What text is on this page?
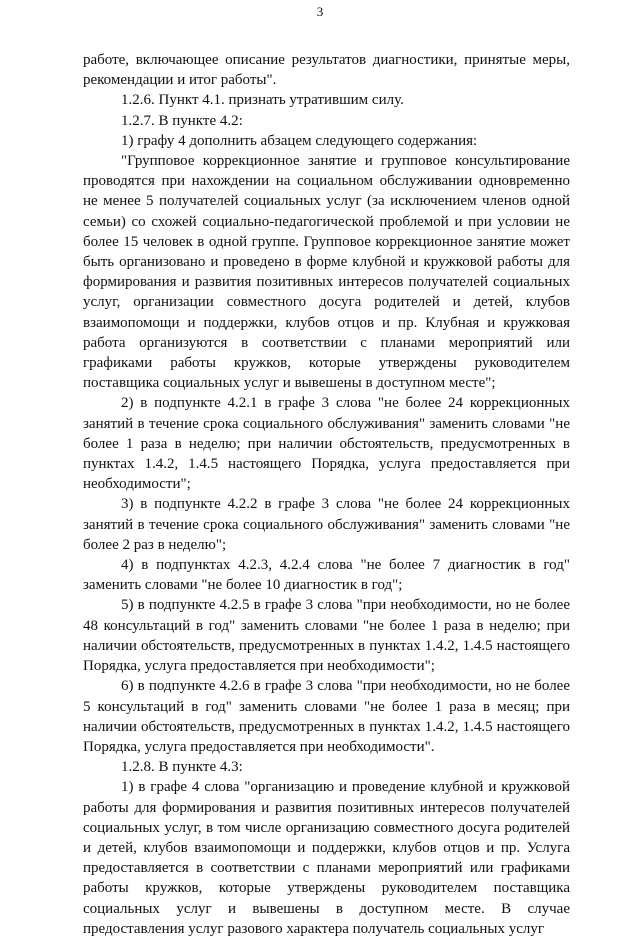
3

работе, включающее описание результатов диагностики, принятые меры, рекомендации и итог работы".

1.2.6. Пункт 4.1. признать утратившим силу.

1.2.7. В пункте 4.2:

1) графу 4 дополнить абзацем следующего содержания:

"Групповое коррекционное занятие и групповое консультирование проводятся при нахождении на социальном обслуживании одновременно не менее 5 получателей социальных услуг (за исключением членов одной семьи) со схожей социально-педагогической проблемой и при условии не более 15 человек в одной группе. Групповое коррекционное занятие может быть организовано и проведено в форме клубной и кружковой работы для формирования и развития позитивных интересов получателей социальных услуг, организации совместного досуга родителей и детей, клубов взаимопомощи и поддержки, клубов отцов и пр. Клубная и кружковая работа организуются в соответствии с планами мероприятий или графиками работы кружков, которые утверждены руководителем поставщика социальных услуг и вывешены в доступном месте";

2) в подпункте 4.2.1 в графе 3 слова "не более 24 коррекционных занятий в течение срока социального обслуживания" заменить словами "не более 1 раза в неделю; при наличии обстоятельств, предусмотренных в пунктах 1.4.2, 1.4.5 настоящего Порядка, услуга предоставляется при необходимости";

3) в подпункте 4.2.2 в графе 3 слова "не более 24 коррекционных занятий в течение срока социального обслуживания" заменить словами "не более 2 раз в неделю";

4) в подпунктах 4.2.3, 4.2.4 слова "не более 7 диагностик в год" заменить словами "не более 10 диагностик в год";

5) в подпункте 4.2.5 в графе 3 слова "при необходимости, но не более 48 консультаций в год" заменить словами "не более 1 раза в неделю; при наличии обстоятельств, предусмотренных в пунктах 1.4.2, 1.4.5 настоящего Порядка, услуга предоставляется при необходимости";

6) в подпункте 4.2.6 в графе 3 слова "при необходимости, но не более 5 консультаций в год" заменить словами "не более 1 раза в месяц; при наличии обстоятельств, предусмотренных в пунктах 1.4.2, 1.4.5 настоящего Порядка, услуга предоставляется при необходимости".

1.2.8. В пункте 4.3:

1) в графе 4 слова "организацию и проведение клубной и кружковой работы для формирования и развития позитивных интересов получателей социальных услуг, в том числе организацию совместного досуга родителей и детей, клубов взаимопомощи и поддержки, клубов отцов и пр. Услуга предоставляется в соответствии с планами мероприятий или графиками работы кружков, которые утверждены руководителем поставщика социальных услуг и вывешены в доступном месте. В случае предоставления услуг разового характера получатель социальных услуг
